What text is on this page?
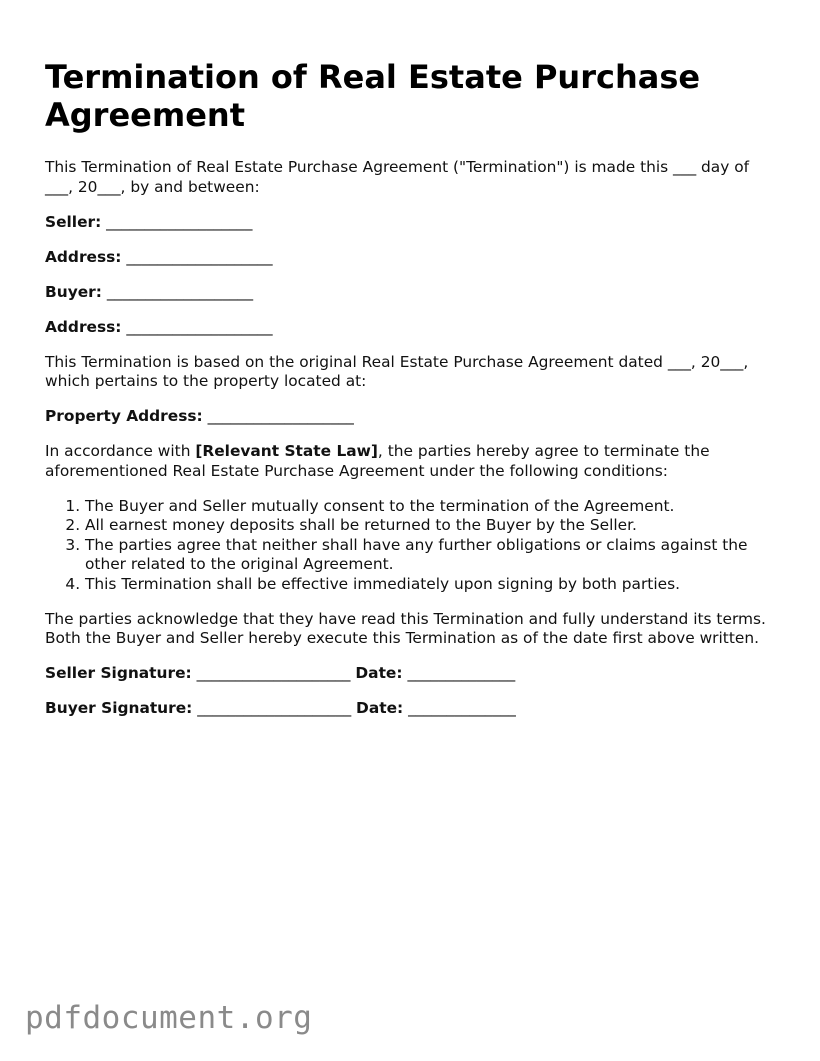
Termination of Real Estate Purchase Agreement

This Termination of Real Estate Purchase Agreement ("Termination") is made this ___ day of ___, 20___, by and between:

Seller: ___________________

Address: ___________________

Buyer: ___________________

Address: ___________________

This Termination is based on the original Real Estate Purchase Agreement dated ___, 20___, which pertains to the property located at:

Property Address: ___________________

In accordance with [Relevant State Law], the parties hereby agree to terminate the aforementioned Real Estate Purchase Agreement under the following conditions:

1. The Buyer and Seller mutually consent to the termination of the Agreement.
2. All earnest money deposits shall be returned to the Buyer by the Seller.
3. The parties agree that neither shall have any further obligations or claims against the other related to the original Agreement.
4. This Termination shall be effective immediately upon signing by both parties.

The parties acknowledge that they have read this Termination and fully understand its terms. Both the Buyer and Seller hereby execute this Termination as of the date first above written.

Seller Signature: ____________________ Date: ______________

Buyer Signature: ____________________ Date: ______________

pdfdocument.org
